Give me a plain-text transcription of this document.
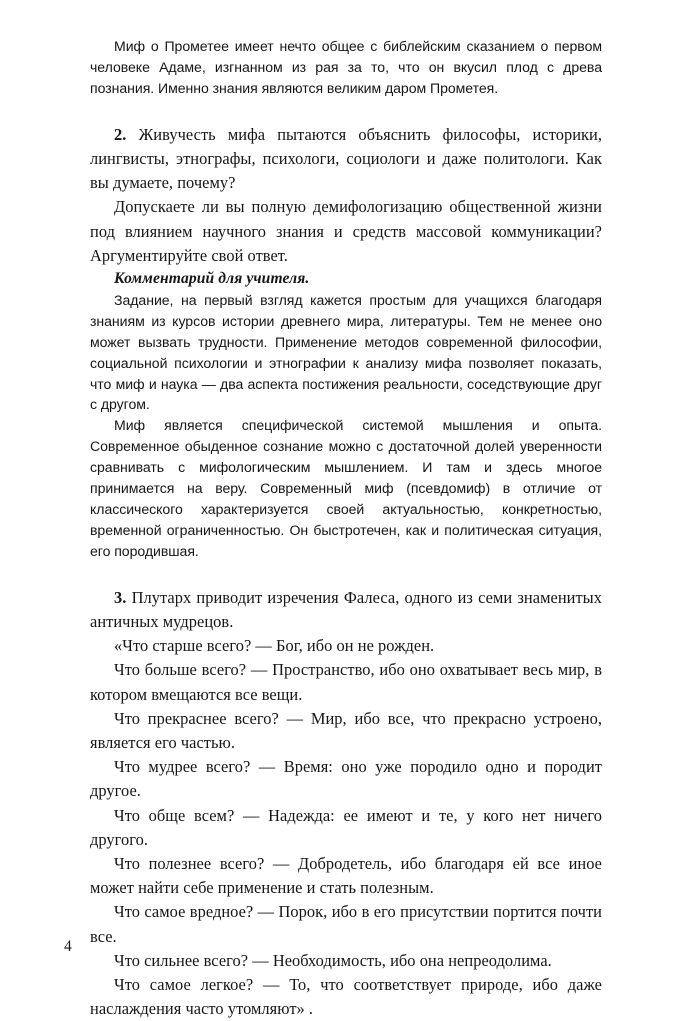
Миф о Прометее имеет нечто общее с библейским сказанием о первом человеке Адаме, изгнанном из рая за то, что он вкусил плод с древа познания. Именно знания являются великим даром Прометея.

2. Живучесть мифа пытаются объяснить философы, историки, лингвисты, этнографы, психологи, социологи и даже политологи. Как вы думаете, почему?

Допускаете ли вы полную демифологизацию общественной жизни под влиянием научного знания и средств массовой коммуникации? Аргументируйте свой ответ.

Комментарий для учителя.

Задание, на первый взгляд кажется простым для учащихся благодаря знаниям из курсов истории древнего мира, литературы. Тем не менее оно может вызвать трудности. Применение методов современной философии, социальной психологии и этнографии к анализу мифа позволяет показать, что миф и наука — два аспекта постижения реальности, соседствующие друг с другом.

Миф является специфической системой мышления и опыта. Современное обыденное сознание можно с достаточной долей уверенности сравнивать с мифологическим мышлением. И там и здесь многое принимается на веру. Современный миф (псевдомиф) в отличие от классического характеризуется своей актуальностью, конкретностью, временной ограниченностью. Он быстротечен, как и политическая ситуация, его породившая.

3. Плутарх приводит изречения Фалеса, одного из семи знаменитых античных мудрецов.

«Что старше всего? — Бог, ибо он не рожден.

Что больше всего? — Пространство, ибо оно охватывает весь мир, в котором вмещаются все вещи.

Что прекраснее всего? — Мир, ибо все, что прекрасно устроено, является его частью.

Что мудрее всего? — Время: оно уже породило одно и породит другое.

Что обще всем? — Надежда: ее имеют и те, у кого нет ничего другого.

Что полезнее всего? — Добродетель, ибо благодаря ей все иное может найти себе применение и стать полезным.

Что самое вредное? — Порок, ибо в его присутствии портится почти все.

Что сильнее всего? — Необходимость, ибо она непреодолима.

Что самое легкое? — То, что соответствует природе, ибо даже наслаждения часто утомляют» .

4
